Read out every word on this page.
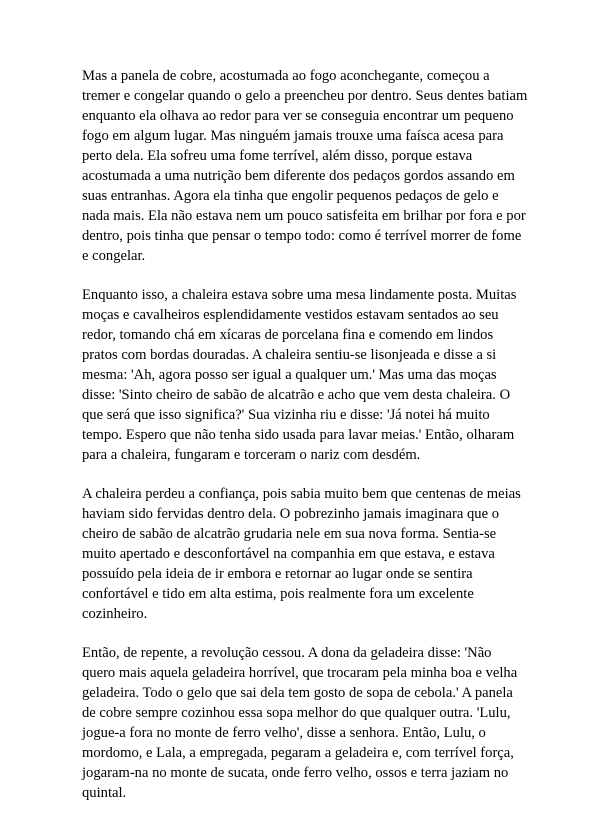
Mas a panela de cobre, acostumada ao fogo aconchegante, começou a
tremer e congelar quando o gelo a preencheu por dentro. Seus dentes batiam
enquanto ela olhava ao redor para ver se conseguia encontrar um pequeno
fogo em algum lugar. Mas ninguém jamais trouxe uma faísca acesa para
perto dela. Ela sofreu uma fome terrível, além disso, porque estava
acostumada a uma nutrição bem diferente dos pedaços gordos assando em
suas entranhas. Agora ela tinha que engolir pequenos pedaços de gelo e
nada mais. Ela não estava nem um pouco satisfeita em brilhar por fora e por
dentro, pois tinha que pensar o tempo todo: como é terrível morrer de fome
e congelar.

Enquanto isso, a chaleira estava sobre uma mesa lindamente posta. Muitas
moças e cavalheiros esplendidamente vestidos estavam sentados ao seu
redor, tomando chá em xícaras de porcelana fina e comendo em lindos
pratos com bordas douradas. A chaleira sentiu-se lisonjeada e disse a si
mesma: 'Ah, agora posso ser igual a qualquer um.' Mas uma das moças
disse: 'Sinto cheiro de sabão de alcatrão e acho que vem desta chaleira. O
que será que isso significa?' Sua vizinha riu e disse: 'Já notei há muito
tempo. Espero que não tenha sido usada para lavar meias.' Então, olharam
para a chaleira, fungaram e torceram o nariz com desdém.

A chaleira perdeu a confiança, pois sabia muito bem que centenas de meias
haviam sido fervidas dentro dela. O pobrezinho jamais imaginara que o
cheiro de sabão de alcatrão grudaria nele em sua nova forma. Sentia-se
muito apertado e desconfortável na companhia em que estava, e estava
possuído pela ideia de ir embora e retornar ao lugar onde se sentira
confortável e tido em alta estima, pois realmente fora um excelente
cozinheiro.

Então, de repente, a revolução cessou. A dona da geladeira disse: 'Não
quero mais aquela geladeira horrível, que trocaram pela minha boa e velha
geladeira. Todo o gelo que sai dela tem gosto de sopa de cebola.' A panela
de cobre sempre cozinhou essa sopa melhor do que qualquer outra. 'Lulu,
jogue-a fora no monte de ferro velho', disse a senhora. Então, Lulu, o
mordomo, e Lala, a empregada, pegaram a geladeira e, com terrível força,
jogaram-na no monte de sucata, onde ferro velho, ossos e terra jaziam no
quintal.
